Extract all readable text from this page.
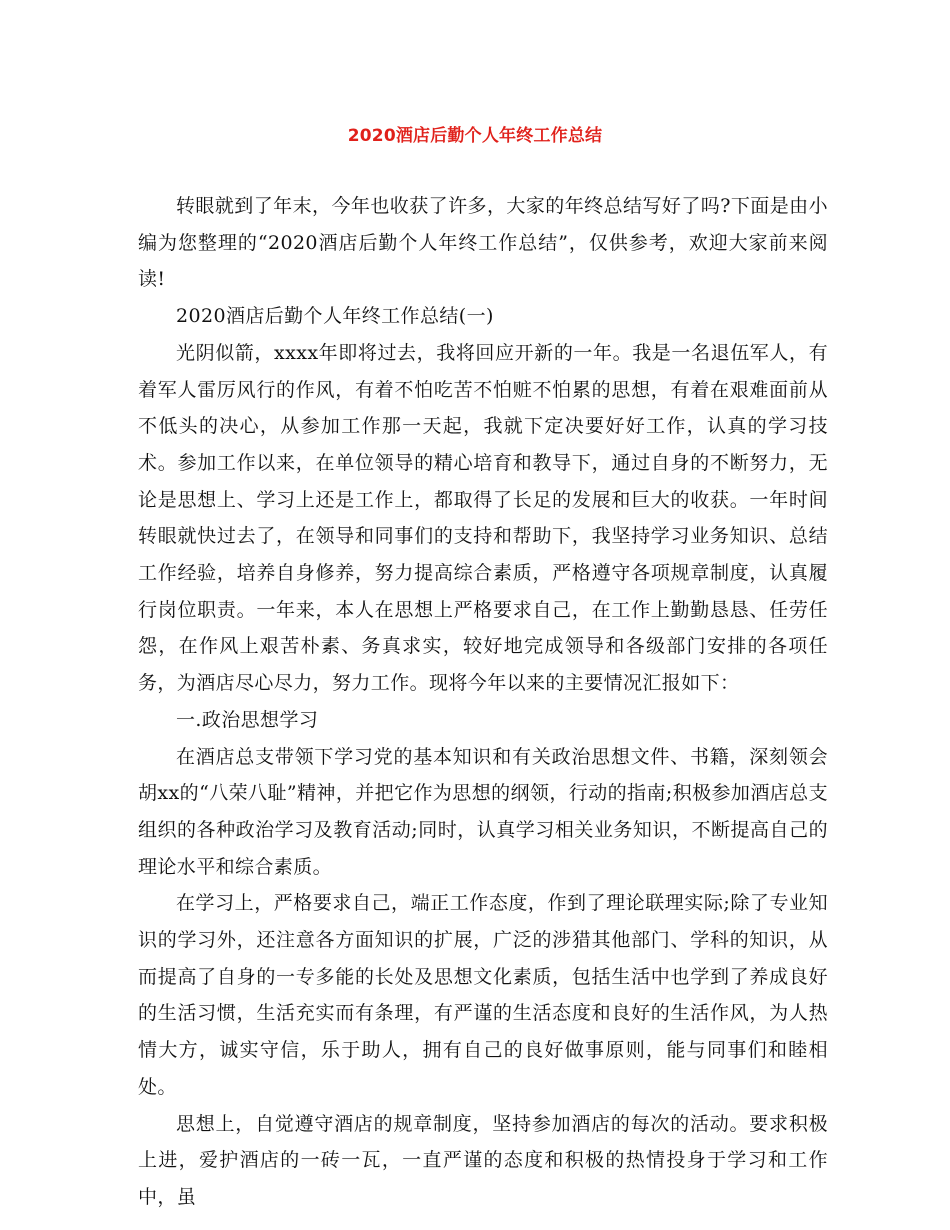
2020酒店后勤个人年终工作总结

转眼就到了年末，今年也收获了许多，大家的年终总结写好了吗?下面是由小编为您整理的“2020酒店后勤个人年终工作总结”，仅供参考，欢迎大家前来阅读!

2020酒店后勤个人年终工作总结(一)

光阴似箭，xxxx年即将过去，我将回应开新的一年。我是一名退伍军人，有着军人雷厉风行的作风，有着不怕吃苦不怕赃不怕累的思想，有着在艰难面前从不低头的决心，从参加工作那一天起，我就下定决要好好工作，认真的学习技术。参加工作以来，在单位领导的精心培育和教导下，通过自身的不断努力，无论是思想上、学习上还是工作上，都取得了长足的发展和巨大的收获。一年时间转眼就快过去了，在领导和同事们的支持和帮助下，我坚持学习业务知识、总结工作经验，培养自身修养，努力提高综合素质，严格遵守各项规章制度，认真履行岗位职责。一年来，本人在思想上严格要求自己，在工作上勤勤恳恳、任劳任怨，在作风上艰苦朴素、务真求实，较好地完成领导和各级部门安排的各项任务，为酒店尽心尽力，努力工作。现将今年以来的主要情况汇报如下：

一.政治思想学习

在酒店总支带领下学习党的基本知识和有关政治思想文件、书籍，深刻领会胡xx的“八荣八耻”精神，并把它作为思想的纲领，行动的指南;积极参加酒店总支组织的各种政治学习及教育活动;同时，认真学习相关业务知识，不断提高自己的理论水平和综合素质。

在学习上，严格要求自己，端正工作态度，作到了理论联理实际;除了专业知识的学习外，还注意各方面知识的扩展，广泛的涉猎其他部门、学科的知识，从而提高了自身的一专多能的长处及思想文化素质，包括生活中也学到了养成良好的生活习惯，生活充实而有条理，有严谨的生活态度和良好的生活作风，为人热情大方，诚实守信，乐于助人，拥有自己的良好做事原则，能与同事们和睦相处。

思想上，自觉遵守酒店的规章制度，坚持参加酒店的每次的活动。要求积极上进，爱护酒店的一砖一瓦，一直严谨的态度和积极的热情投身于学习和工作中，虽
